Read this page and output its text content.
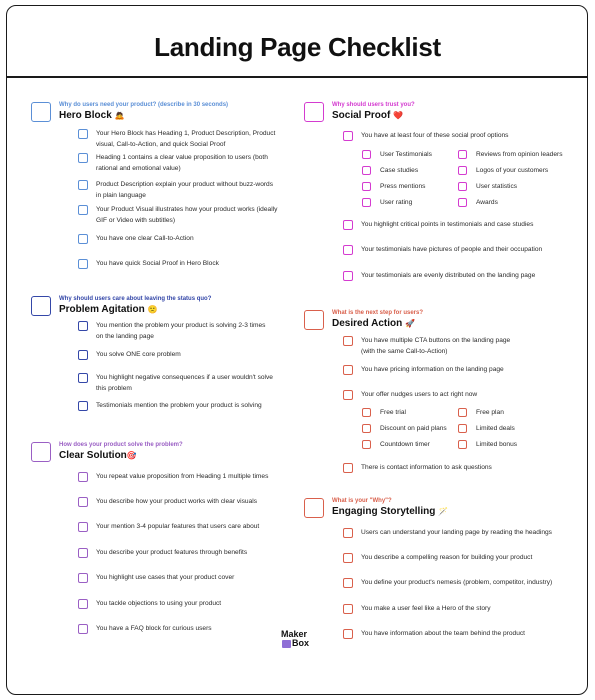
Landing Page Checklist
Why do users need your product? (describe in 30 seconds)
Hero Block 🙇
Your Hero Block has Heading 1, Product Description, Product visual, Call-to-Action, and quick Social Proof
Heading 1 contains a clear value proposition to users (both rational and emotional value)
Product Description explain your product without buzz-words in plain language
Your Product Visual illustrates how your product works (ideally GIF or Video with subtitles)
You have one clear Call-to-Action
You have quick Social Proof in Hero Block
Why should users care about leaving the status quo?
Problem Agitation 🙁
You mention the problem your product is solving 2-3 times on the landing page
You solve ONE core problem
You highlight negative consequences if a user wouldn't solve this problem
Testimonials mention the problem your product is solving
How does your product solve the problem?
Clear Solution🎯
You repeat value proposition from Heading 1 multiple times
You describe how your product works with clear visuals
Your mention 3-4 popular features that users care about
You describe your product features through benefits
You highlight use cases that your product cover
You tackle objections to using your product
You have a FAQ block for curious users
Why should users trust you?
Social Proof ❤️
You have at least four of these social proof options
User Testimonials
Case studies
Press mentions
User rating
Reviews from opinion leaders
Logos of your customers
User statistics
Awards
You highlight critical points in testimonials and case studies
Your testimonials have pictures of people and their occupation
Your testimonials are evenly distributed on the landing page
What is the next step for users?
Desired Action 🚀
You have multiple CTA buttons on the landing page (with the same Call-to-Action)
You have pricing information on the landing page
Your offer nudges users to act right now
Free trial
Discount on paid plans
Countdown timer
Free plan
Limited deals
Limited bonus
There is contact information to ask questions
What is your "Why"?
Engaging Storytelling 🪄
Users can understand your landing page by reading the headings
You describe a compelling reason for building your product
You define your product's nemesis (problem, competitor, industry)
You make a user feel like a Hero of the story
You have information about the team behind the product
Maker
Box
